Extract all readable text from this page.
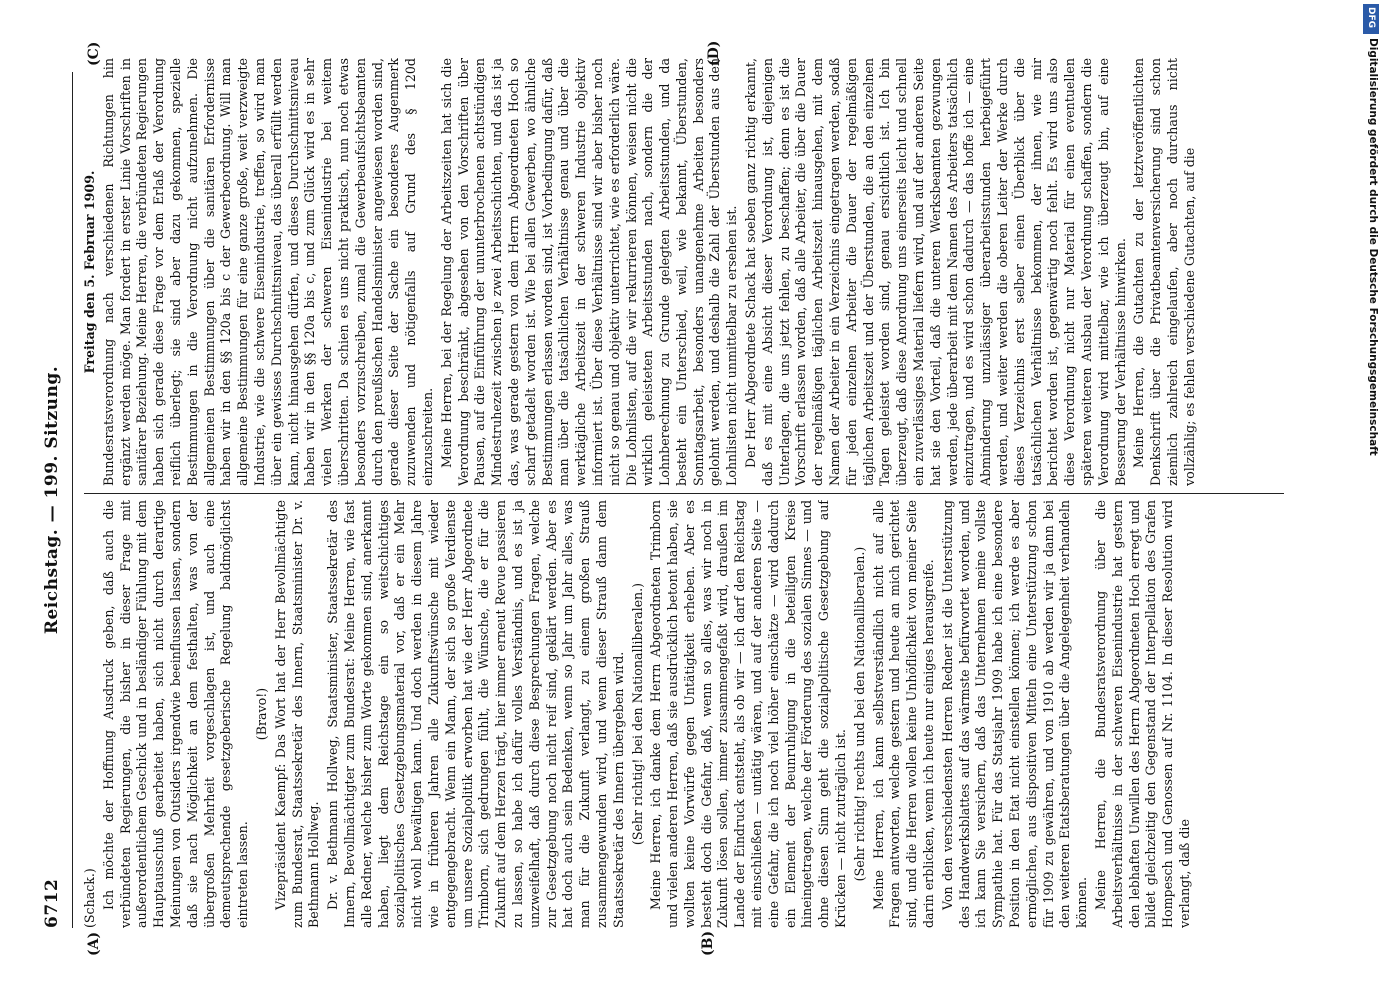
6712
Reichstag. — 199. Sitzung.
(A)	(B)

(Schack.) Ich möchte der Hoffnung Ausdruck geben, daß auch die verbündeten Regierungen, die bisher in dieser Frage mit außerordentlichem Geschick und in besländiger Fühlung mit dem Hauptausschuß gearbeitet haben, sich nicht durch derartige Meinungen von Outsiders irgendwie beeinflussen lassen, sondern daß sie nach Möglichkeit an dem festhalten, was von der übergroßen Mehrheit vorgeschlagen ist, und auch eine demeutsprechende gesetzgeberische Regelung baldmöglichst eintreten lassen.

(Bravo!) Vizepräsident Kaempf: Das Wort hat der Herr Bevollmächtigte zum Bundesrat, Staatssekretär des Innern, Staatsminister Dr. v. Bethmann Hollweg. Dr. v. Bethmann Hollweg, Staatsminister, Staatssekretär des Innern, Bevollmächtigter zum Bundesrat: Meine Herren, wie fast alle Redner, welche bisher zum Worte gekommen sind, anerkannt haben, liegt dem Reichstage ein so weitschichtiges sozialpolitisches Gesetzgebungsmaterial vor, daß er ein Mehr nicht wohl bewältigen kann. Und doch werden in diesem Jahre wie in früheren Jahren alle Zukunftswünsche mit wieder entgegengebracht. Wenn ein Mann, der sich so große Verdienste um unsere Sozialpolitik erworben hat wie der Herr Abgeordnete Trimborn, sich gedrungen fühlt, die Wünsche, die er für die Zukunft auf dem Herzen trägt, hier immer erneut Revue passieren zu lassen, so habe ich dafür volles Verständnis, und es ist ja unzweifelhaft, daß durch diese Besprechungen Fragen, welche zur Gesetzgebung noch nicht reif sind, geklärt werden. Aber es hat doch auch sein Bedenken, wenn so Jahr um Jahr alles, was man für die Zukunft verlangt, zu einem großen Strauß zusammengewunden wird, und wenn dieser Strauß dann dem Staatssekretär des Innern übergeben wird. (Sehr richtig! bei den Nationalliberalen.) Meine Herren, ich danke dem Herrn Abgeordneten Trimborn und vielen anderen Herren, daß sie ausdrücklich betont haben, sie wollten keine Vorwürfe gegen Untätigkeit erheben. Aber es besteht doch die Gefahr, daß, wenn so alles, was wir noch in Zukunft lösen sollen, immer zusammengefaßt wird, draußen im Lande der Eindruck entsteht, als ob wir — ich darf den Reichstag mit einschließen — untätig wären, und auf der anderen Seite — eine Gefahr, die ich noch viel höher einschätze — wird dadurch ein Element der Beunruhigung in die beteiligten Kreise hineingetragen, welche der Förderung des sozialen Sinnes — und ohne diesen Sinn geht die sozialpolitische Gesetzgebung auf Krücken — nicht zuträglich ist. (Sehr richtig! rechts und bei den Nationalliberalen.) Meine Herren, ich kann selbstverständlich nicht auf alle Fragen antworten, welche gestern und heute an mich gerichtet sind, und die Herren wollen keine Unhöflichkeit von meiner Seite darin erblicken, wenn ich heute nur einiges herausgreife. Von den verschiedensten Herren Redner ist die Unterstützung des Handwerksblattes auf das wärmste befürwortet worden, und ich kann Sie versichern, daß das Unternehmen meine vollste Sympathie hat. Für das Statsjahr 1909 habe ich eine besondere Position in den Etat nicht einstellen können; ich werde es aber ermöglichen, aus dispositiven Mitteln eine Unterstützung schon für 1909 zu gewähren, und von 1910 ab werden wir ja dann bei den weiteren Etatsberatungen über die Angelegenheit verhandeln können. Meine Herren, die Bundesratsverordnung über die Arbeitsverhältnisse in der schweren Eisenindustrie hat gestern den lebhaften Unwillen des Herrn Abgeordneten Hoch erregt und bildet gleichzeitig den Gegenstand der Interpellation des Grafen Hompesch und Genossen auf Nr. 1104. In dieser Resolution wird verlangt, daß die

Freitag den 5. Februar 1909. Bundesratsverordnung nach verschiedenen Richtungen hin ergänzt werden möge. Man fordert in erster Linie Vorschriften in sanitärer Beziehung. Meine Herren, die verbündeten Regierungen haben sich gerade diese Frage vor dem Erlaß der Verordnung reiflich überlegt; sie sind aber dazu gekommen, spezielle Bestimmungen in die Verordnung nicht aufzunehmen. Die allgemeinen Bestimmungen über die sanitären Erfordernisse haben wir in den §§ 120a bis c der Gewerbeordnung. Will man allgemeine Bestimmungen für eine ganze große, weit verzweigte Industrie, wie die schwere Eisenindustrie, treffen, so wird man über ein gewisses Durchschnittsniveau, das überall erfüllt werden kann, nicht hinausgehen dürfen, und dieses Durchschnittsniveau haben wir in den §§ 120a bis c, und zum Glück wird es in sehr vielen Werken der schweren Eisenindustrie bei weitem überschritten. Da schien es uns nicht praktisch, nun noch etwas besonders vorzuschreiben, zumal die Gewerbeaufsichtsbeamten durch den preußischen Handelsminister angewiesen worden sind, gerade dieser Seite der Sache ein besonderes Augenmerk zuzuwenden und nötigenfalls auf Grund des § 120d einzuschreiten. Meine Herren, bei der Regelung der Arbeitszeiten hat sich die Verordnung beschränkt, abgesehen von den Vorschriften über Pausen, auf die Einführung der ununterbrochenen achtstündigen Mindestruhezeit zwischen je zwei Arbeitsschichten, und das ist ja das, was gerade gestern von dem Herrn Abgeordneten Hoch so scharf getadelt worden ist. Wie bei allen Gewerben, wo ähnliche Bestimmungen erlassen worden sind, ist Vorbedingung dafür, daß man über die tatsächlichen Verhältnisse genau und über die werktägliche Arbeitszeit in der schweren Industrie objektiv informiert ist. Über diese Verhältnisse sind wir aber bisher noch nicht so genau und objektiv unterrichtet, wie es erforderlich wäre. Die Lohnlisten, auf die wir rekurrieren können, weisen nicht die wirklich geleisteten Arbeitsstunden nach, sondern die der Lohnberechnung zu Grunde gelegten Arbeitsstunden, und da besteht ein Unterschied, weil, wie bekannt, Überstunden, Sonntagsarbeit, besonders unangenehme Arbeiten besonders gelohnt werden, und deshalb die Zahl der Überstunden aus den Lohnlisten nicht unmittelbar zu ersehen ist. Der Herr Abgeordnete Schack hat soeben ganz richtig erkannt, daß es mit eine Absicht dieser Verordnung ist, diejenigen Unterlagen, die uns jetzt fehlen, zu beschaffen; denn es ist die Vorschrift erlassen worden, daß alle Arbeiter, die über die Dauer der regelmäßigen täglichen Arbeitszeit hinausgehen, mit dem Namen der Arbeiter in ein Verzeichnis eingetragen werden, sodaß für jeden einzelnen Arbeiter die Dauer der regelmäßigen täglichen Arbeitszeit und der Überstunden, die an den einzelnen Tagen geleistet worden sind, genau ersichtlich ist. Ich bin überzeugt, daß diese Anordnung uns einerseits leicht und schnell ein zuverlässiges Material liefern wird, und auf der anderen Seite hat sie den Vorteil, daß die unteren Werksbeamten gezwungen werden, jede überarbeit mit dem Namen des Arbeiters tatsächlich einzutragen, und es wird schon dadurch — das hoffe ich — eine Abminderung unzulässiger überarbeitsstunden herbeigeführt werden, und weiter werden die oberen Leiter der Werke durch dieses Verzeichnis erst selber einen Überblick über die tatsächlichen Verhältnisse bekommen, der ihnen, wie mir berichtet worden ist, gegenwärtig noch fehlt. Es wird uns also diese Verordnung nicht nur Material für einen eventuellen späteren weiteren Ausbau der Verordnung schaffen, sondern die Verordnung wird mittelbar, wie ich überzeugt bin, auf eine Besserung der Verhältnisse hinwirken. Meine Herren, die Gutachten zu der letztveröffentlichten Denkschrift über die Privatbeamtenversicherung sind schon ziemlich zahlreich eingelaufen, aber noch durchaus nicht vollzählig; es fehlen verschiedene Gutachten, auf die

(C)	(D)
DFG
Digitalisierung gefördert durch die Deutsche Forschungsgemeinschaft
